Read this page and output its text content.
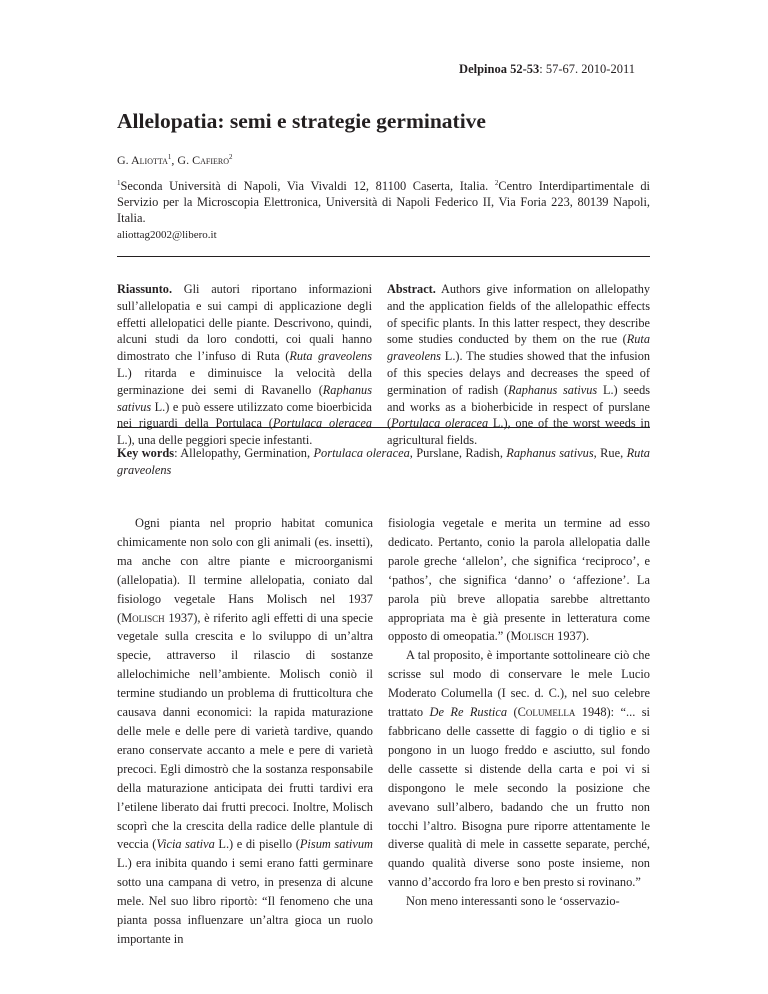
Delpinoa 52-53: 57-67. 2010-2011
Allelopatia: semi e strategie germinative
G. Aliotta$^1$, G. Cafiero$^2$
$^1$Seconda Università di Napoli, Via Vivaldi 12, 81100 Caserta, Italia. $^2$Centro Interdipartimentale di Servizio per la Microscopia Elettronica, Università di Napoli Federico II, Via Foria 223, 80139 Napoli, Italia.
aliottag2002@libero.it
Riassunto. Gli autori riportano informazioni sull’allelopatia e sui campi di applicazione degli effetti allelopatici delle piante. Descrivono, quindi, alcuni studi da loro condotti, coi quali hanno dimostrato che l’infuso di Ruta (Ruta graveolens L.) ritarda e diminuisce la velocità della germinazione dei semi di Ravanello (Raphanus sativus L.) e può essere utilizzato come bioerbicida nei riguardi della Portulaca (Portulaca oleracea L.), una delle peggiori specie infestanti.
Abstract. Authors give information on allelopathy and the application fields of the allelopathic effects of specific plants. In this latter respect, they describe some studies conducted by them on the rue (Ruta graveolens L.). The studies showed that the infusion of this species delays and decreases the speed of germination of radish (Raphanus sativus L.) seeds and works as a bioherbicide in respect of purslane (Portulaca oleracea L.), one of the worst weeds in agricultural fields.
Key words: Allelopathy, Germination, Portulaca oleracea, Purslane, Radish, Raphanus sativus, Rue, Ruta graveolens

Ogni pianta nel proprio habitat comunica chimicamente non solo con gli animali (es. insetti), ma anche con altre piante e microorganismi (allelopatia). Il termine allelopatia, coniato dal fisiologo vegetale Hans Molisch nel 1937 (Molisch 1937), è riferito agli effetti di una specie vegetale sulla crescita e lo sviluppo di un’altra specie, attraverso il rilascio di sostanze allelochimiche nell’ambiente. Molisch coniò il termine studiando un problema di frutticoltura che causava danni economici: la rapida maturazione delle mele e delle pere di varietà tardive, quando erano conservate accanto a mele e pere di varietà precoci. Egli dimostrò che la sostanza responsabile della maturazione anticipata dei frutti tardivi era l’etilene liberato dai frutti precoci. Inoltre, Molisch scoprì che la crescita della radice delle plantule di veccia (Vicia sativa L.) e di pisello (Pisum sativum L.) era inibita quando i semi erano fatti germinare sotto una campana di vetro, in presenza di alcune mele. Nel suo libro riportò: “Il fenomeno che una pianta possa influenzare un’altra gioca un ruolo importante in

fisiologia vegetale e merita un termine ad esso dedicato. Pertanto, conio la parola allelopatia dalle parole greche ‘allelon’, che significa ‘reciproco’, e ‘pathos’, che significa ‘danno’ o ‘affezione’. La parola più breve allopatia sarebbe altrettanto appropriata ma è già presente in letteratura come opposto di omeopatia.” (Molisch 1937).

A tal proposito, è importante sottolineare ciò che scrisse sul modo di conservare le mele Lucio Moderato Columella (I sec. d. C.), nel suo celebre trattato De Re Rustica (Columella 1948): “... si fabbricano delle cassette di faggio o di tiglio e si pongono in un luogo freddo e asciutto, sul fondo delle cassette si distende della carta e poi vi si dispongono le mele secondo la posizione che avevano sull’albero, badando che un frutto non tocchi l’altro. Bisogna pure riporre attentamente le diverse qualità di mele in cassette separate, perché, quando qualità diverse sono poste insieme, non vanno d’accordo fra loro e ben presto si rovinano.”

Non meno interessanti sono le ‘osservazio-
